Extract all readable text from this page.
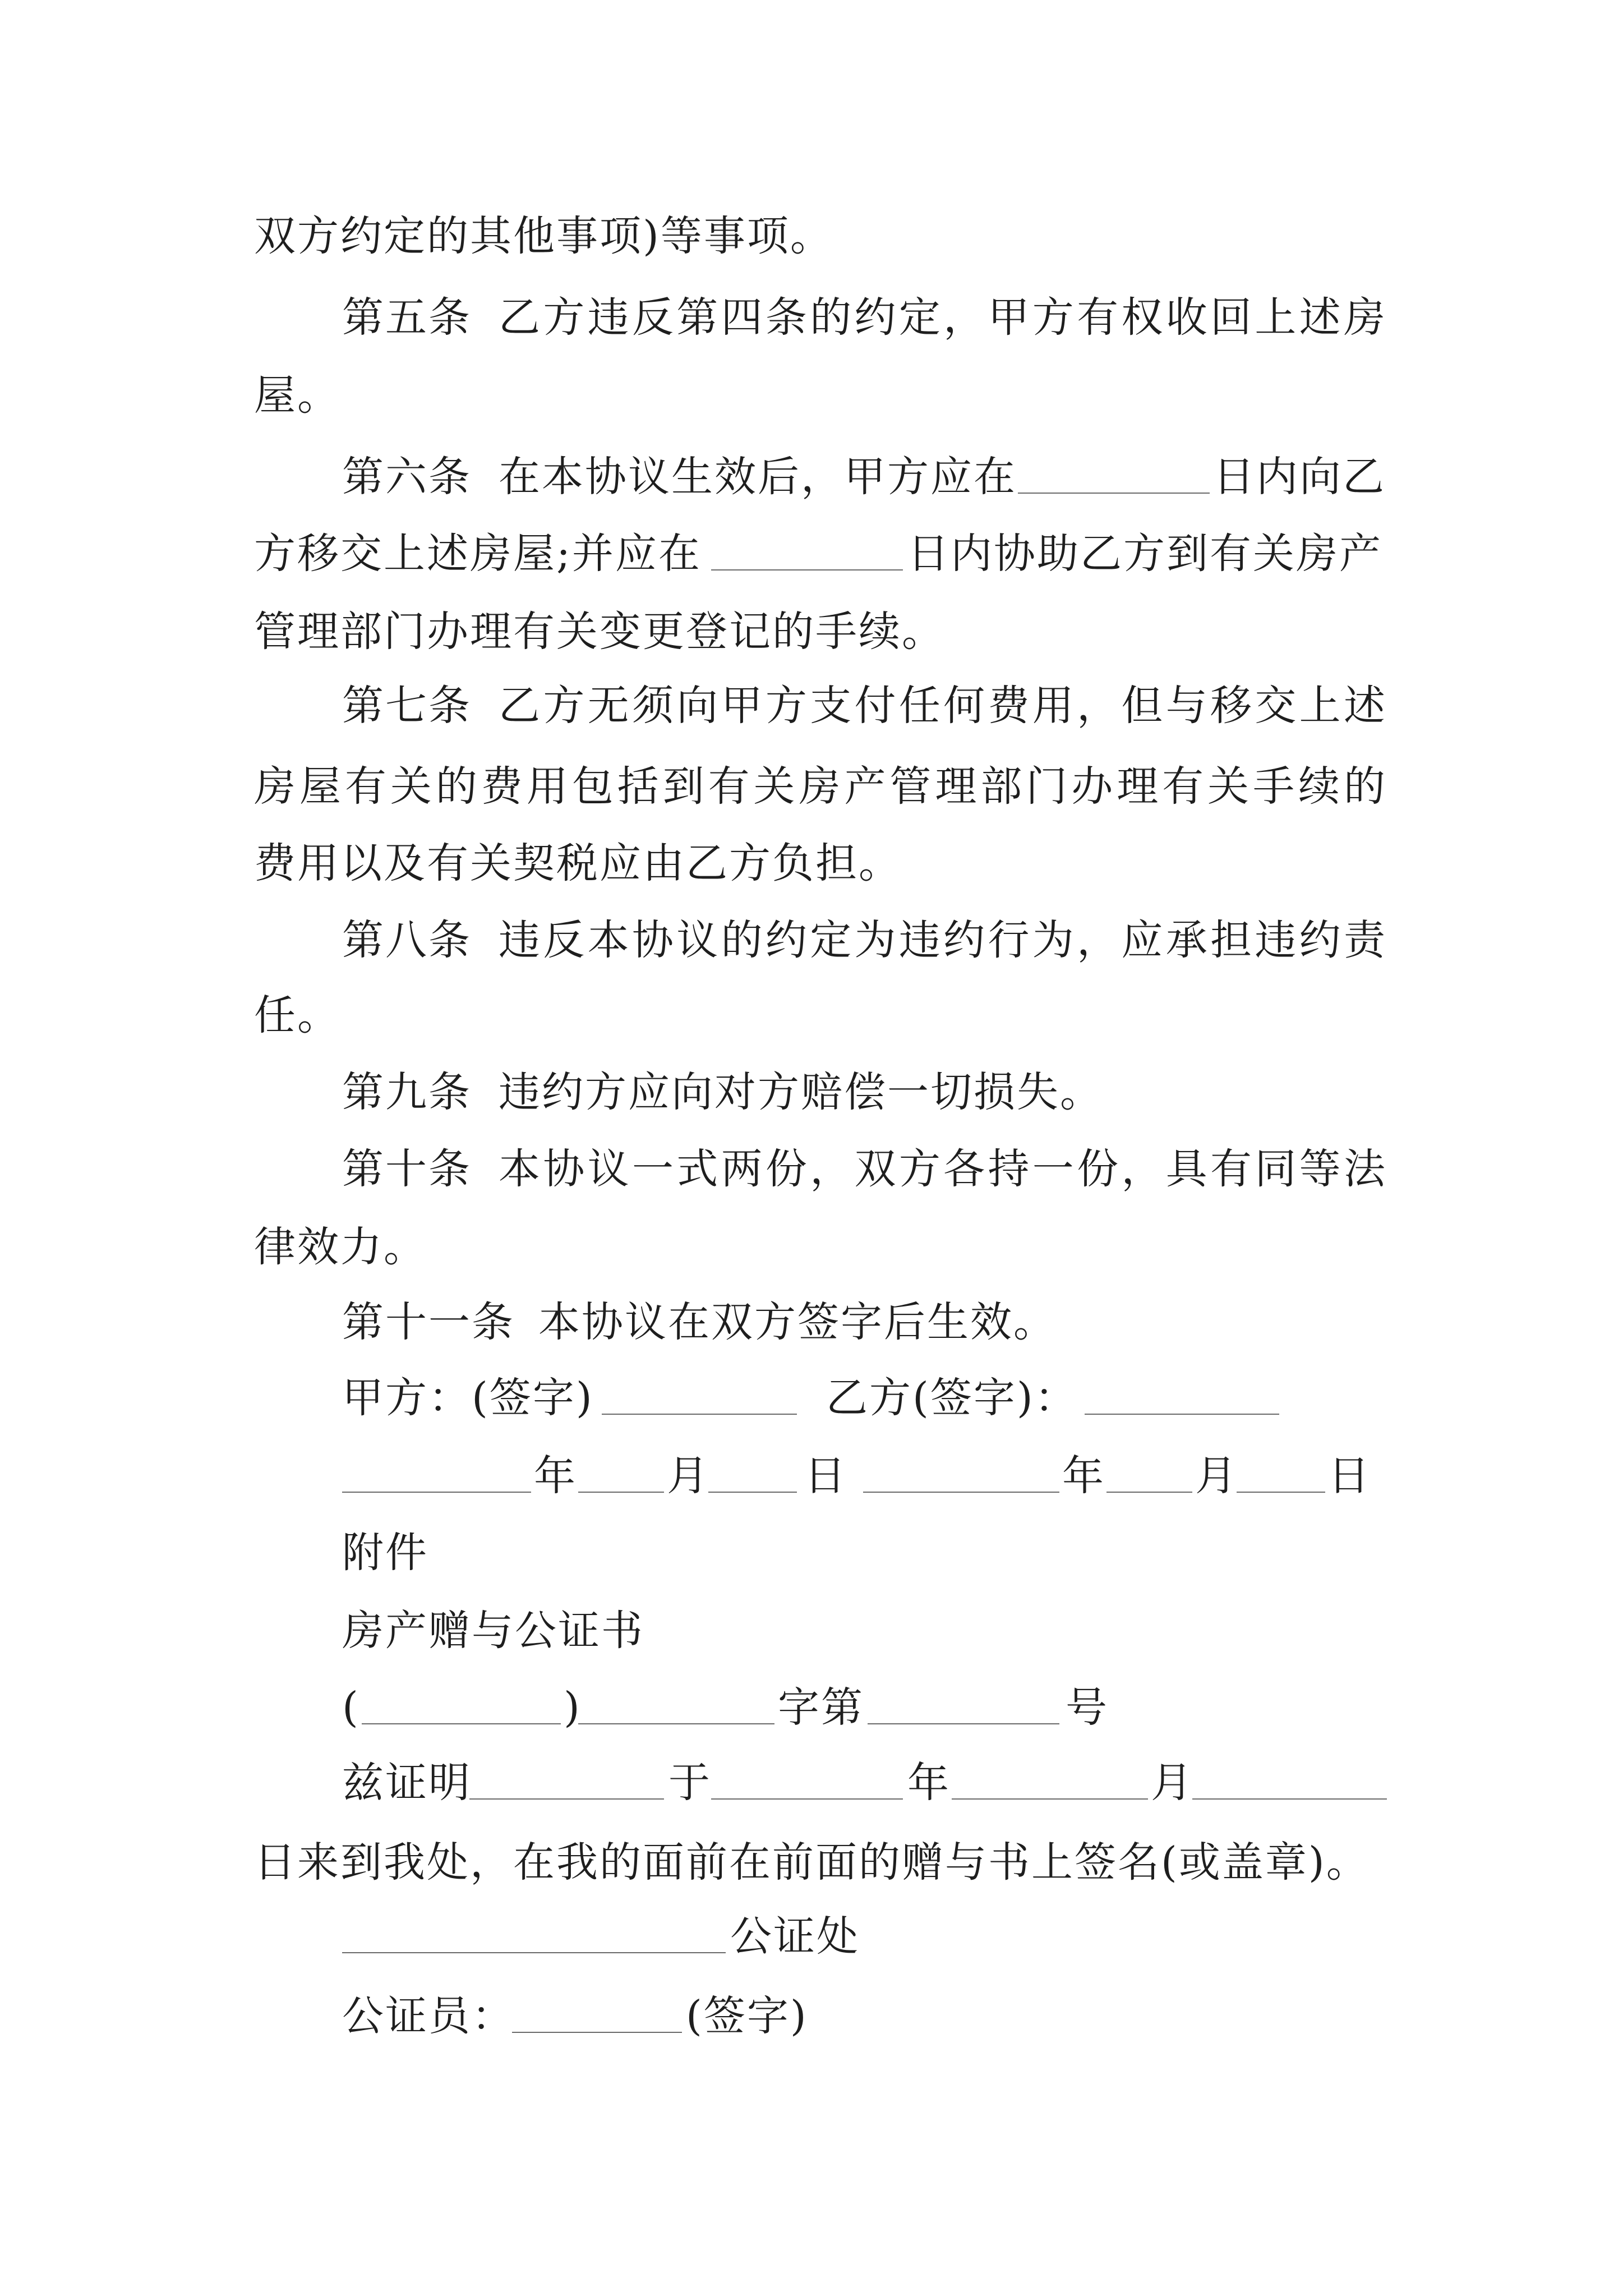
双方约定的其他事项)等事项。
第五条 乙方违反第四条的约定，甲方有权收回上述房
屋。
第六条 在本协议生效后，甲方应在	日内向乙
方移交上述房屋;并应在	日内协助乙方到有关房产
管理部门办理有关变更登记的手续。
第七条 乙方无须向甲方支付任何费用，但与移交上述
房屋有关的费用包括到有关房产管理部门办理有关手续的
费用以及有关契税应由乙方负担。
第八条 违反本协议的约定为违约行为，应承担违约责
任。
第九条 违约方应向对方赔偿一切损失。
第十条 本协议一式两份，双方各持一份，具有同等法
律效力。
第十一条 本协议在双方签字后生效。
甲方：(签字)	乙方(签字)：
年 月 日	年 月 日
附件
房产赠与公证书
(	)	字第	号
兹证明	于	年	月
日来到我处，在我的面前在前面的赠与书上签名(或盖章)。
公证处
公证员：	(签字)
